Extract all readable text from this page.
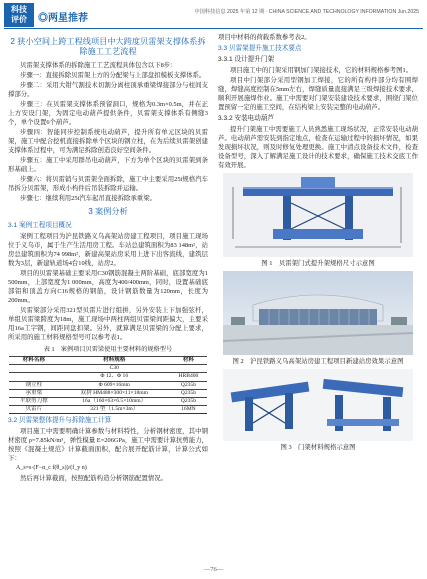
科技
评价	◎两星推荐
中国科技信息 2025 年第 12 期 · CHINA SCIENCE AND TECHNOLOGY INFORMATION Jun.2025
2 狭小空间上跨工程线项目中大跨度贝雷架支撑体系拆除施工工艺流程

贝雷架支撑体系的拆除施工工艺流程具体包含以下8步：

步骤一：直接拆除贝雷架上方的分配梁与上部盘扣模板支撑体系。

步骤二：采用大钳气割技术切割分离柱顶承重梁焊接部分与柱间支撑部分。

步骤三：在贝雷架支撑体系预留洞口，规格为0.3m×0.5m，并在正上方安设门架，为固定电动葫芦提供条件，贝雷架支撑体系有侧缝3个，单个设置6个葫芦。

步骤四：智能同步控制系统电动葫芦，提升所有单元区块的贝雷架，施工中配合挖机直接拆除单个区块的钢立柱，在为后续贝雷架创建支撑体系过程中，可为满足拆除创造良好空间条件。

步骤五：施工中采用群吊电动葫芦，下方为单个区块的贝雷架到条形基础上。

步骤六：将贝雷销与贝雷架全面拆除，施工中主要采用25t规格汽车吊拆分贝雷架，形成小构件后吊装拆除并运输。

步骤七：继续利用25t汽车起吊直接拆除承重梁。

3 案例分析
3.1 案例工程项目概况

案例工程项目为沪昆铁路义乌高架站房建工程项目，项目施工现场位于义乌市，属于生产生活用房工程。车站总建筑面积为83 148m²，站房总建筑面积为74 998m²，新建高架站房采用上进下出客流线，建筑层数为3层，新建轨道场4台10线，站房2。

项目的贝雷架基础主要采用C30钢筋混凝土两阶基础，底部宽度为1 500mm，上部宽度为1 000mm，高度为400/400mm，同时，设置基础底部铝和顶盖方向C16规格的钢筋，设计钢筋数量为120mm，长度为200mm。

贝雷梁部分采用321型贝雷片进行组拼，另外安装上下加强弦杆，单组贝雷梁跨度为18m，施工现场中两柱两组贝雷梁间距偏大，主要采用16a工字钢，间距同盘扣架。另外，就算满足贝雷梁的分配上要求，所采用的施工材料规格型号可以参考表1。

表 1　案例项目贝雷梁使用主要材料的规格型号
材料名称	材料规格	材料
	C30	
	Φ 12、Φ 16	HRB400
钢立柱	Φ 609×16mm	Q235b
承重梁	双拼 HM488×300×11×18mm	Q235b
平联剪刀撑	16a（160×63×6.5×10mm）	Q235b
贝雷片	321 型（1.5m×3m）	16MN
3.2 贝雷架整体提升与拆除施工计算

项目施工中需要明确计算参数与材料特性，分析钢材密度，其中钢材密度 ρ=7.85kN/m³，弹性模量 E=206GPa，施工中需要计算抗剪能力，按照《混凝土规范》计算截面面积，配合展开配筋计算，计算公式如下：

A_s=s·(F−α_c f(θ_s))/(f_y n)

然后再计算截面，按照配筋构造分析钢筋配置情况。

项目中材料的荷载系数参考表2。

3.3 贝雷架提升施工技术要点
3.3.1 设计提升门架

项目施工中的门架采用钢加门架接技术，它的材料规格参考图1。

项目中门架部分采用型钢加工焊接，它的所有构件部分均有围焊缝，焊缝高度控制在5mm左右，焊缝质量直接满足三级焊接技术要求，顺利开展施焊作业。施工中需要对门架安装建设技术要求，围绕门架位置预留一定的施工空间，在结构梁上安装完整的电动葫芦。

3.3.2 安装电动葫芦

提升门架施工中需要施工人员熟悉施工现场状况，正常安装电动葫芦。电动葫芦需安装到指定地点，检查在运输过程中的损坏情况，如果发现损坏状况，则及时修复处理更换。施工中清点设备技术文件，检查设备型号，深入了解满足施工设计的技术要求，确保施工技术交底工作有效开展。

图 1　贝雷架门式提升架规格尺寸示意图
图 2　沪昆铁路义乌高架站房建工程项目新建站房效果示意图
图 3　门架材料规格示意图
—76—
